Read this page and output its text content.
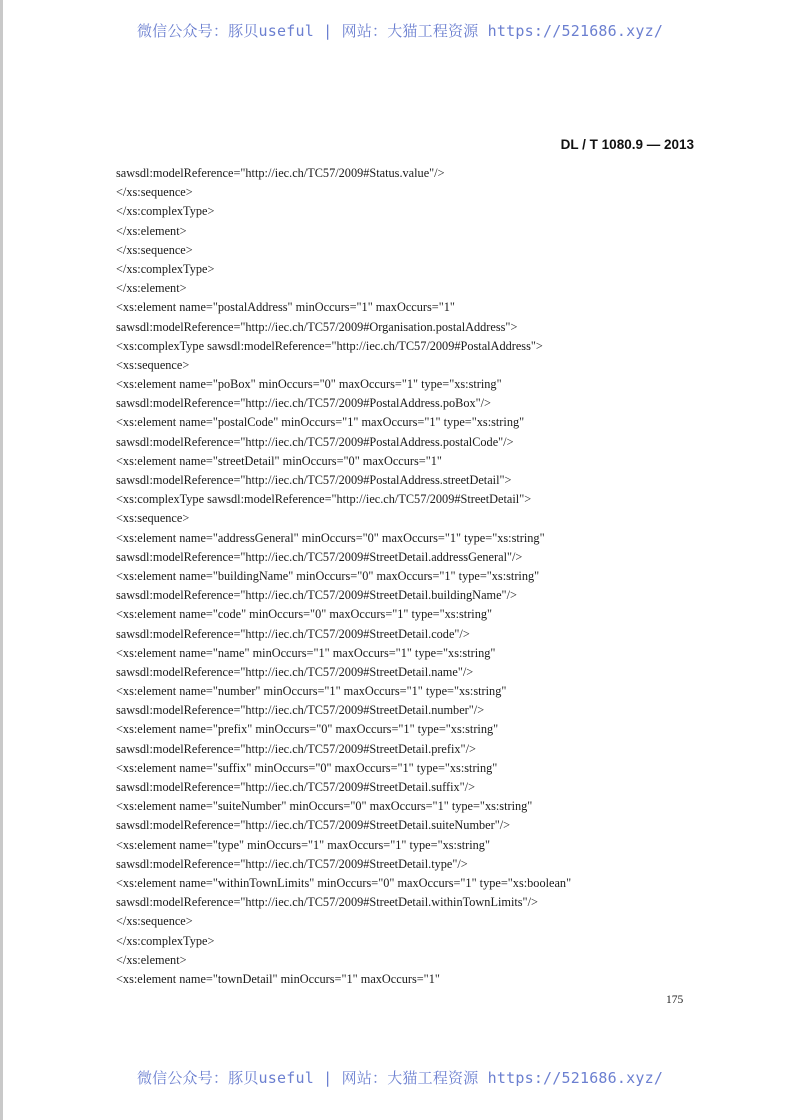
微信公众号：豚贝useful | 网站：大猫工程资源 https://521686.xyz/
DL / T 1080.9 — 2013
sawsdl:modelReference="http://iec.ch/TC57/2009#Status.value"/>
</xs:sequence>
</xs:complexType>
</xs:element>
</xs:sequence>
</xs:complexType>
</xs:element>
<xs:element name="postalAddress" minOccurs="1" maxOccurs="1"
sawsdl:modelReference="http://iec.ch/TC57/2009#Organisation.postalAddress">
<xs:complexType sawsdl:modelReference="http://iec.ch/TC57/2009#PostalAddress">
<xs:sequence>
<xs:element name="poBox" minOccurs="0" maxOccurs="1" type="xs:string"
sawsdl:modelReference="http://iec.ch/TC57/2009#PostalAddress.poBox"/>
<xs:element name="postalCode" minOccurs="1" maxOccurs="1" type="xs:string"
sawsdl:modelReference="http://iec.ch/TC57/2009#PostalAddress.postalCode"/>
<xs:element name="streetDetail" minOccurs="0" maxOccurs="1"
sawsdl:modelReference="http://iec.ch/TC57/2009#PostalAddress.streetDetail">
<xs:complexType sawsdl:modelReference="http://iec.ch/TC57/2009#StreetDetail">
<xs:sequence>
<xs:element name="addressGeneral" minOccurs="0" maxOccurs="1" type="xs:string"
sawsdl:modelReference="http://iec.ch/TC57/2009#StreetDetail.addressGeneral"/>
<xs:element name="buildingName" minOccurs="0" maxOccurs="1" type="xs:string"
sawsdl:modelReference="http://iec.ch/TC57/2009#StreetDetail.buildingName"/>
<xs:element name="code" minOccurs="0" maxOccurs="1" type="xs:string"
sawsdl:modelReference="http://iec.ch/TC57/2009#StreetDetail.code"/>
<xs:element name="name" minOccurs="1" maxOccurs="1" type="xs:string"
sawsdl:modelReference="http://iec.ch/TC57/2009#StreetDetail.name"/>
<xs:element name="number" minOccurs="1" maxOccurs="1" type="xs:string"
sawsdl:modelReference="http://iec.ch/TC57/2009#StreetDetail.number"/>
<xs:element name="prefix" minOccurs="0" maxOccurs="1" type="xs:string"
sawsdl:modelReference="http://iec.ch/TC57/2009#StreetDetail.prefix"/>
<xs:element name="suffix" minOccurs="0" maxOccurs="1" type="xs:string"
sawsdl:modelReference="http://iec.ch/TC57/2009#StreetDetail.suffix"/>
<xs:element name="suiteNumber" minOccurs="0" maxOccurs="1" type="xs:string"
sawsdl:modelReference="http://iec.ch/TC57/2009#StreetDetail.suiteNumber"/>
<xs:element name="type" minOccurs="1" maxOccurs="1" type="xs:string"
sawsdl:modelReference="http://iec.ch/TC57/2009#StreetDetail.type"/>
<xs:element name="withinTownLimits" minOccurs="0" maxOccurs="1" type="xs:boolean"
sawsdl:modelReference="http://iec.ch/TC57/2009#StreetDetail.withinTownLimits"/>
</xs:sequence>
</xs:complexType>
</xs:element>
<xs:element name="townDetail" minOccurs="1" maxOccurs="1"
175
微信公众号：豚贝useful | 网站：大猫工程资源 https://521686.xyz/
